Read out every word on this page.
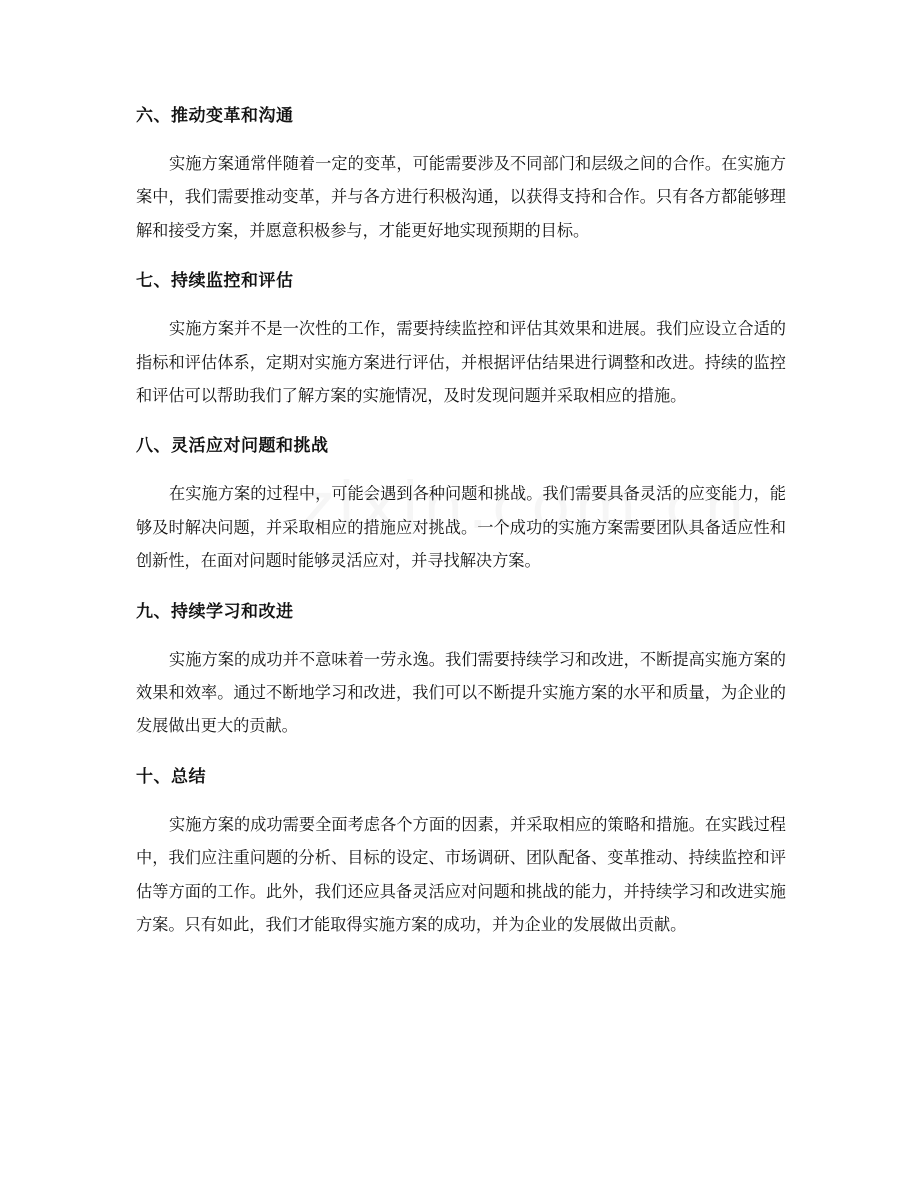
六、推动变革和沟通

实施方案通常伴随着一定的变革，可能需要涉及不同部门和层级之间的合作。在实施方案中，我们需要推动变革，并与各方进行积极沟通，以获得支持和合作。只有各方都能够理解和接受方案，并愿意积极参与，才能更好地实现预期的目标。

七、持续监控和评估

实施方案并不是一次性的工作，需要持续监控和评估其效果和进展。我们应设立合适的指标和评估体系，定期对实施方案进行评估，并根据评估结果进行调整和改进。持续的监控和评估可以帮助我们了解方案的实施情况，及时发现问题并采取相应的措施。

八、灵活应对问题和挑战

在实施方案的过程中，可能会遇到各种问题和挑战。我们需要具备灵活的应变能力，能够及时解决问题，并采取相应的措施应对挑战。一个成功的实施方案需要团队具备适应性和创新性，在面对问题时能够灵活应对，并寻找解决方案。

九、持续学习和改进

实施方案的成功并不意味着一劳永逸。我们需要持续学习和改进，不断提高实施方案的效果和效率。通过不断地学习和改进，我们可以不断提升实施方案的水平和质量，为企业的发展做出更大的贡献。

十、总结

实施方案的成功需要全面考虑各个方面的因素，并采取相应的策略和措施。在实践过程中，我们应注重问题的分析、目标的设定、市场调研、团队配备、变革推动、持续监控和评估等方面的工作。此外，我们还应具备灵活应对问题和挑战的能力，并持续学习和改进实施方案。只有如此，我们才能取得实施方案的成功，并为企业的发展做出贡献。
